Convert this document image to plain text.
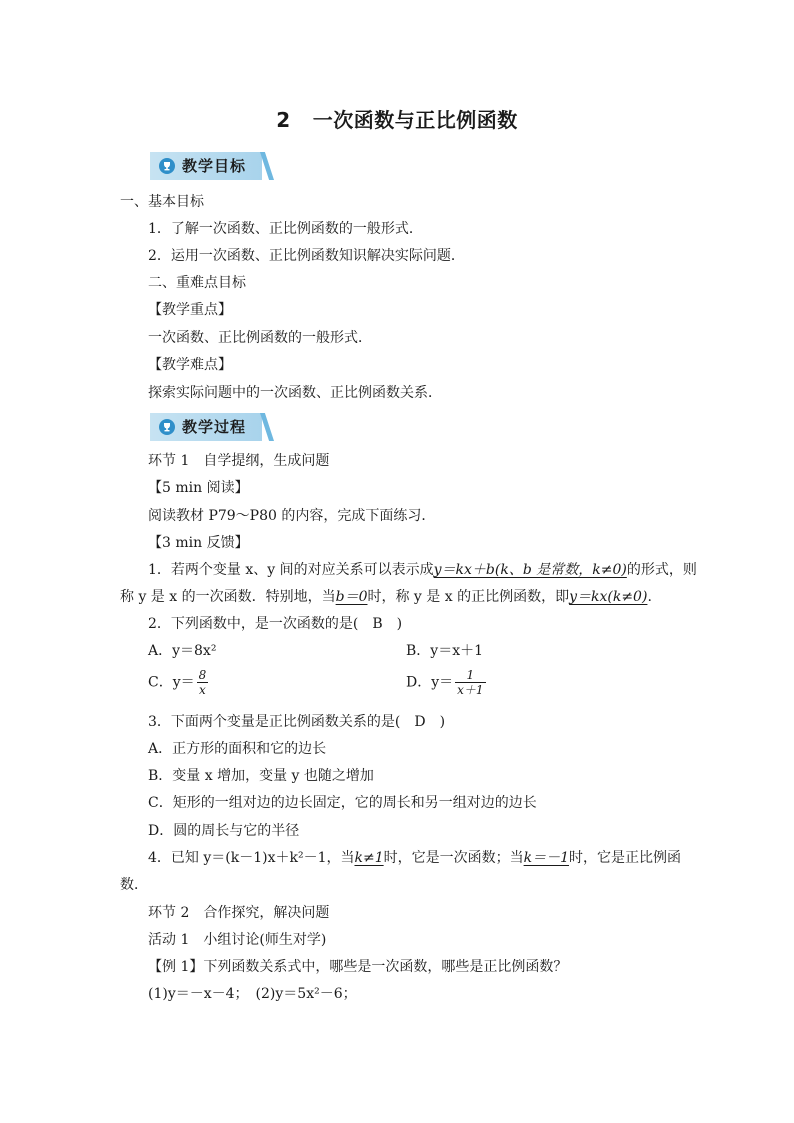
2 一次函数与正比例函数
教学目标
一、基本目标
1．了解一次函数、正比例函数的一般形式．
2．运用一次函数、正比例函数知识解决实际问题．
二、重难点目标
【教学重点】
一次函数、正比例函数的一般形式．
【教学难点】
探索实际问题中的一次函数、正比例函数关系．
教学过程
环节 1　自学提纲，生成问题
【5 min 阅读】
阅读教材 P79～P80 的内容，完成下面练习．
【3 min 反馈】
1．若两个变量 x、y 间的对应关系可以表示成y＝kx＋b(k、b 是常数，k≠0)的形式，则
称 y 是 x 的一次函数．特别地，当b＝0时，称 y 是 x 的正比例函数，即y＝kx(k≠0).
2．下列函数中，是一次函数的是(　B　)
A．y＝8x²	B．y＝x＋1
C．$y= \frac{8}{x}$	D．$y= \frac{1}{x+1}$
3．下面两个变量是正比例函数关系的是(　D　)
A．正方形的面积和它的边长
B．变量 x 增加，变量 y 也随之增加
C．矩形的一组对边的边长固定，它的周长和另一组对边的边长
D．圆的周长与它的半径
4．已知 y＝(k－1)x＋k²－1，当k≠1时，它是一次函数；当k＝－1时，它是正比例函
数．
环节 2　合作探究，解决问题
活动 1　小组讨论(师生对学)
【例 1】下列函数关系式中，哪些是一次函数，哪些是正比例函数？
(1)y＝－x－4；　(2)y＝5x²－6；
